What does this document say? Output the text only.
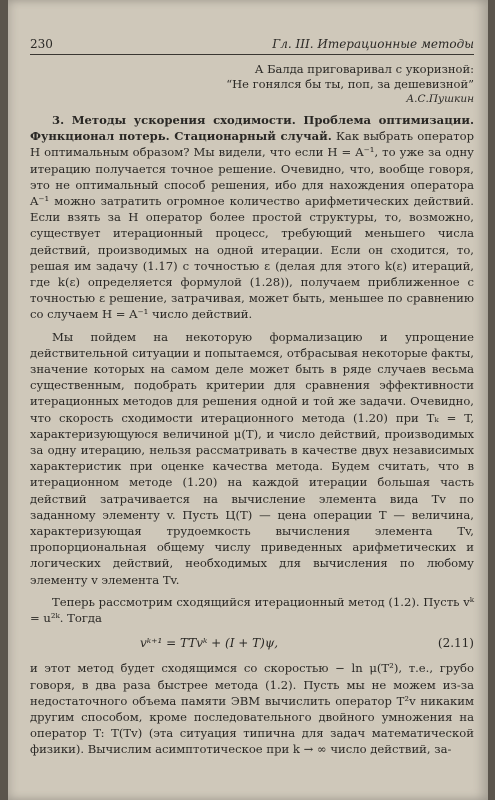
230	Гл. III. Итерационные методы
А Балда приговаривал с укоризной:
“Не гонялся бы ты, поп, за дешевизной”
А.С.Пушкин

3. Методы ускорения сходимости. Проблема оптимизации. Функционал потерь. Стационарный случай. Как выбрать оператор H оптимальным образом? Мы видели, что если H = A⁻¹, то уже за одну итерацию получается точное решение. Очевидно, что, вообще говоря, это не оптимальный способ решения, ибо для нахождения оператора A⁻¹ можно затратить огромное количество арифметических действий. Если взять за H оператор более простой структуры, то, возможно, существует итерационный процесс, требующий меньшего числа действий, производимых на одной итерации. Если он сходится, то, решая им задачу (1.17) с точностью ε (делая для этого k(ε) итераций, где k(ε) определяется формулой (1.28)), получаем приближенное с точностью ε решение, затрачивая, может быть, меньшее по сравнению со случаем H = A⁻¹ число действий.

Мы пойдем на некоторую формализацию и упрощение действительной ситуации и попытаемся, отбрасывая некоторые факты, значение которых на самом деле может быть в ряде случаев весьма существенным, подобрать критерии для сравнения эффективности итерационных методов для решения одной и той же задачи. Очевидно, что скорость сходимости итерационного метода (1.20) при Tₖ = T, характеризующуюся величиной μ(T), и число действий, производимых за одну итерацию, нельзя рассматривать в качестве двух независимых характеристик при оценке качества метода. Будем считать, что в итерационном методе (1.20) на каждой итерации большая часть действий затрачивается на вычисление элемента вида Tv по заданному элементу v. Пусть Ц(T) — цена операции T — величина, характеризующая трудоемкость вычисления элемента Tv, пропорциональная общему числу приведенных арифметических и логических действий, необходимых для вычисления по любому элементу v элемента Tv.

Теперь рассмотрим сходящийся итерационный метод (1.2). Пусть vᵏ = u²ᵏ. Тогда

vᵏ⁺¹ = TTvᵏ + (I + T)ψ,	(2.11)

и этот метод будет сходящимся со скоростью − ln μ(T²), т.е., грубо говоря, в два раза быстрее метода (1.2). Пусть мы не можем из-за недостаточного объема памяти ЭВМ вычислить оператор T²v никаким другим способом, кроме последовательного двойного умножения на оператор T: T(Tv) (эта ситуация типична для задач математической физики). Вычислим асимптотическое при k → ∞ число действий, за-
